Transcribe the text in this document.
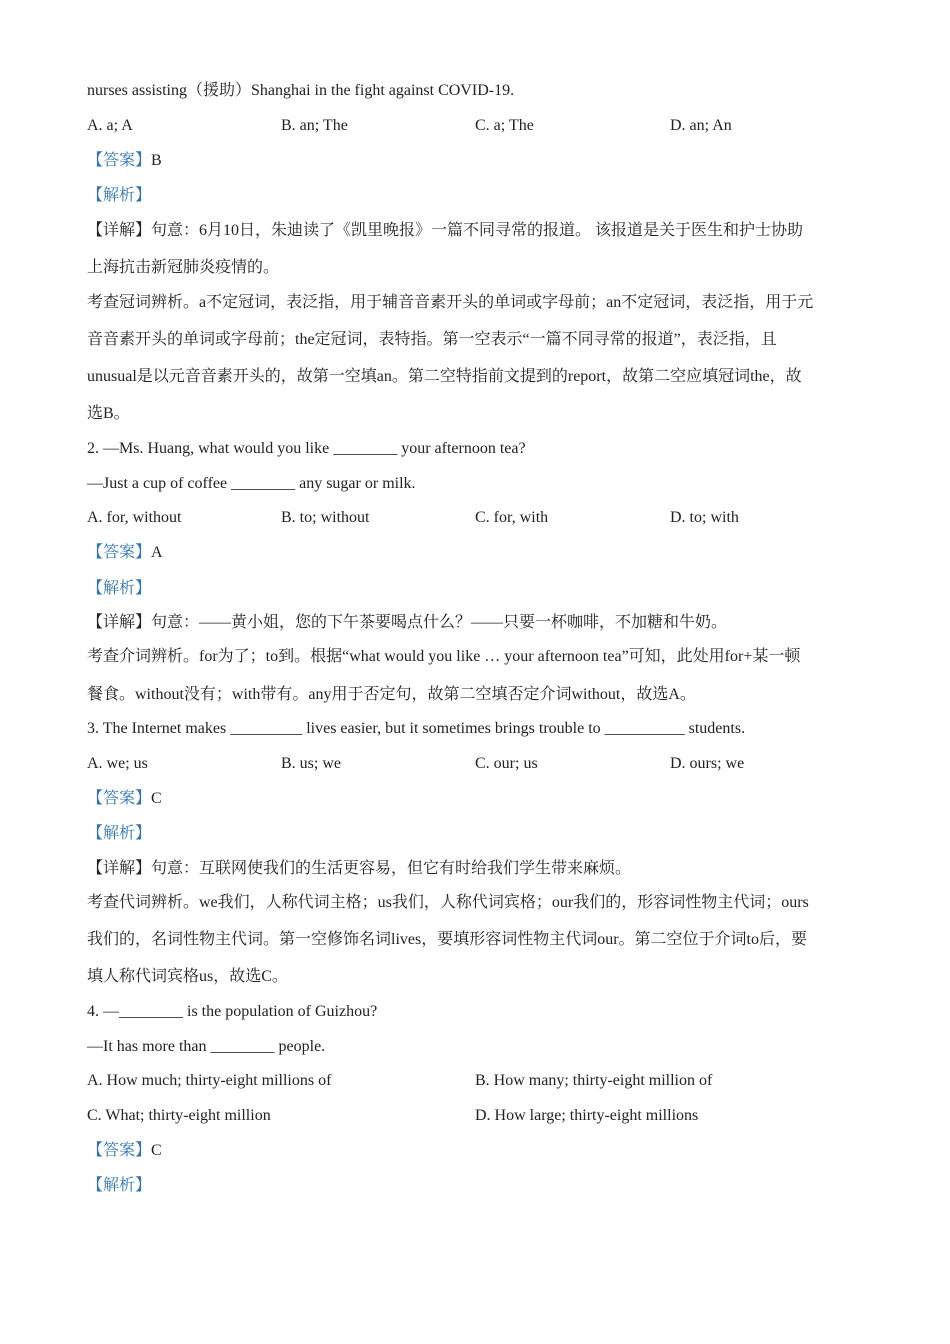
nurses assisting（援助）Shanghai in the fight against COVID-19.
A. a; A	B. an; The	C. a; The	D. an; An
【答案】B
【解析】
【详解】句意：6月10日，朱迪读了《凯里晚报》一篇不同寻常的报道。 该报道是关于医生和护士协助
上海抗击新冠肺炎疫情的。
考查冠词辨析。a不定冠词，表泛指，用于辅音音素开头的单词或字母前；an不定冠词，表泛指，用于元
音音素开头的单词或字母前；the定冠词，表特指。第一空表示“一篇不同寻常的报道”，表泛指，且
unusual是以元音音素开头的，故第一空填an。第二空特指前文提到的report，故第二空应填冠词the，故
选B。
2. —Ms. Huang, what would you like ________ your afternoon tea?
—Just a cup of coffee ________ any sugar or milk.
A. for, without	B. to; without	C. for, with	D. to; with
【答案】A
【解析】
【详解】句意：——黄小姐，您的下午茶要喝点什么？——只要一杯咖啡，不加糖和牛奶。
考查介词辨析。for为了；to到。根据“what would you like … your afternoon tea”可知，此处用for+某一顿
餐食。without没有；with带有。any用于否定句，故第二空填否定介词without，故选A。
3. The Internet makes _________ lives easier, but it sometimes brings trouble to __________ students.
A. we; us	B. us; we	C. our; us	D. ours; we
【答案】C
【解析】
【详解】句意：互联网使我们的生活更容易，但它有时给我们学生带来麻烦。
考查代词辨析。we我们，人称代词主格；us我们，人称代词宾格；our我们的，形容词性物主代词；ours
我们的，名词性物主代词。第一空修饰名词lives，要填形容词性物主代词our。第二空位于介词to后，要
填人称代词宾格us，故选C。
4. —________ is the population of Guizhou?
—It has more than ________ people.
A. How much; thirty-eight millions of	B. How many; thirty-eight million of
C. What; thirty-eight million	D. How large; thirty-eight millions
【答案】C
【解析】
